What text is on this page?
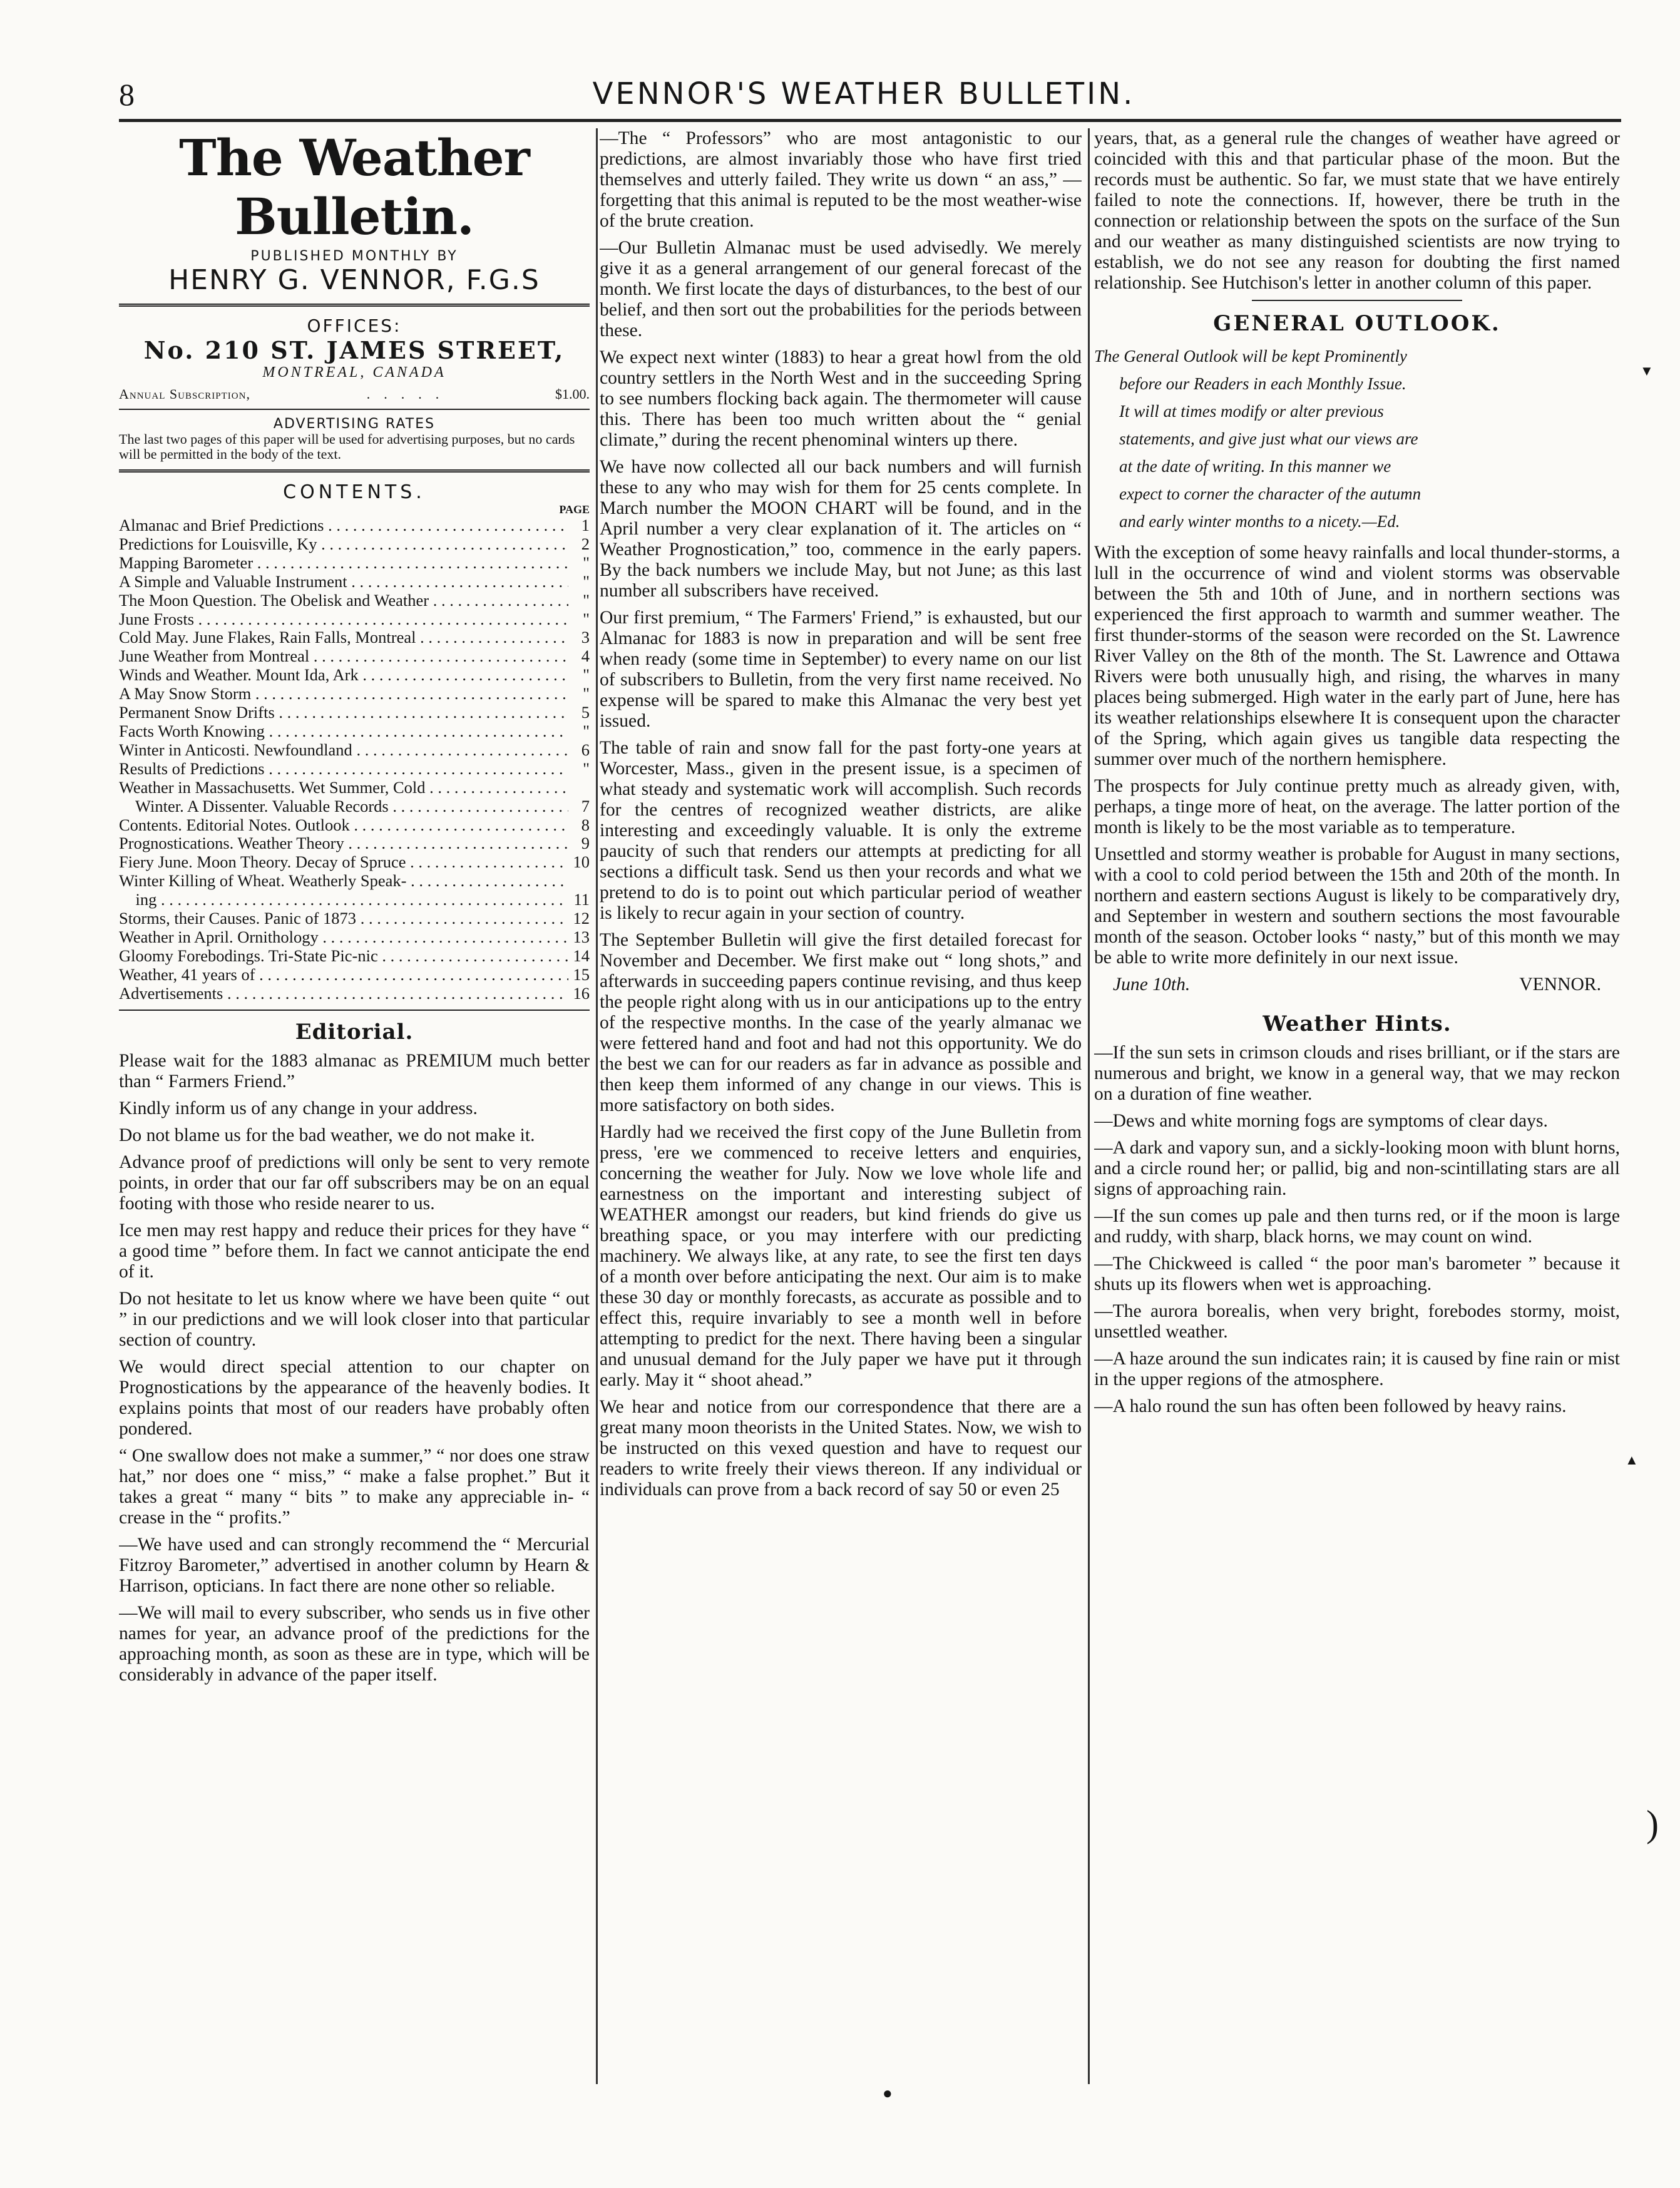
8	VENNOR'S WEATHER BULLETIN.
The Weather Bulletin.
PUBLISHED MONTHLY BY
HENRY G. VENNOR, F.G.S
OFFICES:
No. 210 ST. JAMES STREET,
MONTREAL, CANADA
Annual Subscription,	.    .    .    .    .	$1.00.
ADVERTISING RATES
The last two pages of this paper will be used for advertising purposes, but no cards will be permitted in the body of the text.
CONTENTS.
PAGE
Almanac and Brief Predictions . . .	1
Predictions for Louisville, Ky . . .	2
Mapping Barometer . . .	"
A Simple and Valuable Instrument . . .	"
The Moon Question. The Obelisk and Weather . . .	"
June Frosts . . .	"
Cold May. June Flakes, Rain Falls, Montreal . . .	3
June Weather from Montreal . . .	4
Winds and Weather. Mount Ida, Ark . . .	"
A May Snow Storm . . .	"
Permanent Snow Drifts . . .	5
Facts Worth Knowing . . .	"
Winter in Anticosti. Newfoundland . . .	6
Results of Predictions . . .	"
Weather in Massachusetts. Wet Summer, Cold . . .
Winter. A Dissenter. Valuable Records . . .	7
Contents. Editorial Notes. Outlook . . .	8
Prognostications. Weather Theory . . .	9
Fiery June. Moon Theory. Decay of Spruce . . .	10
Winter Killing of Wheat. Weatherly Speak- . . .
ing . . .	11
Storms, their Causes. Panic of 1873 . . .	12
Weather in April. Ornithology . . .	13
Gloomy Forebodings. Tri-State Pic-nic . . .	14
Weather, 41 years of . . .	15
Advertisements . . .	16
Editorial.

Please wait for the 1883 almanac as PREMIUM much better than “ Farmers Friend.”

Kindly inform us of any change in your address.

Do not blame us for the bad weather, we do not make it.

Advance proof of predictions will only be sent to very remote points, in order that our far off subscribers may be on an equal footing with those who reside nearer to us.

Ice men may rest happy and reduce their prices for they have “ a good time ” before them. In fact we cannot anticipate the end of it.

Do not hesitate to let us know where we have been quite “ out ” in our predictions and we will look closer into that particular section of country.

We would direct special attention to our chapter on Prognostications by the appearance of the heavenly bodies. It explains points that most of our readers have probably often pondered.

“ One swallow does not make a summer,” “ nor does one straw hat,” nor does one “ miss,” “ make a false prophet.” But it takes a great “ many “ bits ” to make any appreciable in- “ crease in the “ profits.”

—We have used and can strongly recommend the “ Mercurial Fitzroy Barometer,” advertised in another column by Hearn & Harrison, opticians. In fact there are none other so reliable.

—We will mail to every subscriber, who sends us in five other names for year, an advance proof of the predictions for the approaching month, as soon as these are in type, which will be considerably in advance of the paper itself.

—The “ Professors” who are most antagonistic to our predictions, are almost invariably those who have first tried themselves and utterly failed. They write us down “ an ass,” —forgetting that this animal is reputed to be the most weather-wise of the brute creation.

—Our Bulletin Almanac must be used advisedly. We merely give it as a general arrangement of our general forecast of the month. We first locate the days of disturbances, to the best of our belief, and then sort out the probabilities for the periods between these.

We expect next winter (1883) to hear a great howl from the old country settlers in the North West and in the succeeding Spring to see numbers flocking back again. The thermometer will cause this. There has been too much written about the “ genial climate,” during the recent phenominal winters up there.

We have now collected all our back numbers and will furnish these to any who may wish for them for 25 cents complete. In March number the MOON CHART will be found, and in the April number a very clear explanation of it. The articles on “ Weather Prognostication,” too, commence in the early papers. By the back numbers we include May, but not June; as this last number all subscribers have received.

Our first premium, “ The Farmers' Friend,” is exhausted, but our Almanac for 1883 is now in preparation and will be sent free when ready (some time in September) to every name on our list of subscribers to Bulletin, from the very first name received. No expense will be spared to make this Almanac the very best yet issued.

The table of rain and snow fall for the past forty-one years at Worcester, Mass., given in the present issue, is a specimen of what steady and systematic work will accomplish. Such records for the centres of recognized weather districts, are alike interesting and exceedingly valuable. It is only the extreme paucity of such that renders our attempts at predicting for all sections a difficult task. Send us then your records and what we pretend to do is to point out which particular period of weather is likely to recur again in your section of country.

The September Bulletin will give the first detailed forecast for November and December. We first make out “ long shots,” and afterwards in succeeding papers continue revising, and thus keep the people right along with us in our anticipations up to the entry of the respective months. In the case of the yearly almanac we were fettered hand and foot and had not this opportunity. We do the best we can for our readers as far in advance as possible and then keep them informed of any change in our views. This is more satisfactory on both sides.

Hardly had we received the first copy of the June Bulletin from press, 'ere we commenced to receive letters and enquiries, concerning the weather for July. Now we love whole life and earnestness on the important and interesting subject of WEATHER amongst our readers, but kind friends do give us breathing space, or you may interfere with our predicting machinery. We always like, at any rate, to see the first ten days of a month over before anticipating the next. Our aim is to make these 30 day or monthly forecasts, as accurate as possible and to effect this, require invariably to see a month well in before attempting to predict for the next. There having been a singular and unusual demand for the July paper we have put it through early. May it “ shoot ahead.”

We hear and notice from our correspondence that there are a great many moon theorists in the United States. Now, we wish to be instructed on this vexed question and have to request our readers to write freely their views thereon. If any individual or individuals can prove from a back record of say 50 or even 25

years, that, as a general rule the changes of weather have agreed or coincided with this and that particular phase of the moon. But the records must be authentic. So far, we must state that we have entirely failed to note the connections. If, however, there be truth in the connection or relationship between the spots on the surface of the Sun and our weather as many distinguished scientists are now trying to establish, we do not see any reason for doubting the first named relationship. See Hutchison's letter in another column of this paper.

GENERAL OUTLOOK.
The General Outlook will be kept Prominently
before our Readers in each Monthly Issue.
It will at times modify or alter previous
statements, and give just what our views are
at the date of writing. In this manner we
expect to corner the character of the autumn
and early winter months to a nicety.—Ed.

With the exception of some heavy rainfalls and local thunder-storms, a lull in the occurrence of wind and violent storms was observable between the 5th and 10th of June, and in northern sections was experienced the first approach to warmth and summer weather. The first thunder-storms of the season were recorded on the St. Lawrence River Valley on the 8th of the month. The St. Lawrence and Ottawa Rivers were both unusually high, and rising, the wharves in many places being submerged. High water in the early part of June, here has its weather relationships elsewhere It is consequent upon the character of the Spring, which again gives us tangible data respecting the summer over much of the northern hemisphere.

The prospects for July continue pretty much as already given, with, perhaps, a tinge more of heat, on the average. The latter portion of the month is likely to be the most variable as to temperature.

Unsettled and stormy weather is probable for August in many sections, with a cool to cold period between the 15th and 20th of the month. In northern and eastern sections August is likely to be comparatively dry, and September in western and southern sections the most favourable month of the season. October looks “ nasty,” but of this month we may be able to write more definitely in our next issue.

June 10th.	VENNOR.
Weather Hints.

—If the sun sets in crimson clouds and rises brilliant, or if the stars are numerous and bright, we know in a general way, that we may reckon on a duration of fine weather.

—Dews and white morning fogs are symptoms of clear days.

—A dark and vapory sun, and a sickly-looking moon with blunt horns, and a circle round her; or pallid, big and non-scintillating stars are all signs of approaching rain.

—If the sun comes up pale and then turns red, or if the moon is large and ruddy, with sharp, black horns, we may count on wind.

—The Chickweed is called “ the poor man's barometer ” because it shuts up its flowers when wet is approaching.

—The aurora borealis, when very bright, forebodes stormy, moist, unsettled weather.

—A haze around the sun indicates rain; it is caused by fine rain or mist in the upper regions of the atmosphere.

—A halo round the sun has often been followed by heavy rains.

▼
▲
)
●
